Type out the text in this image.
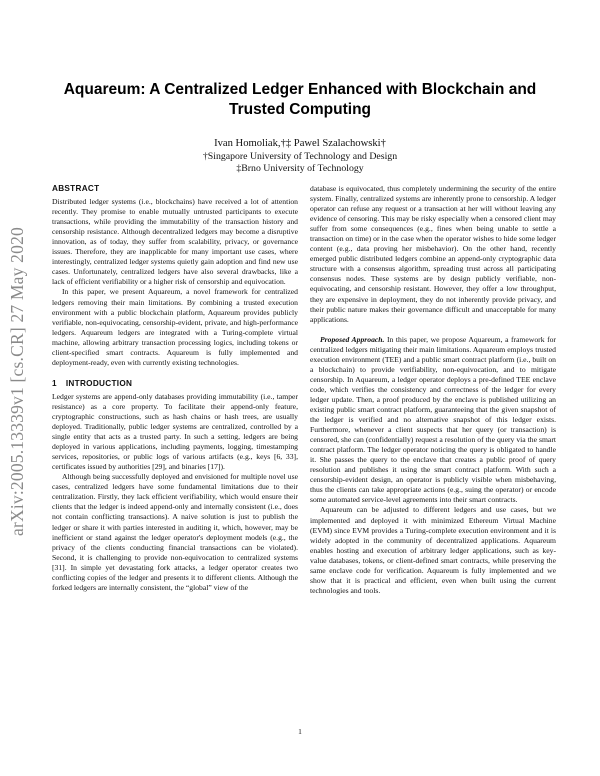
arXiv:2005.13339v1 [cs.CR] 27 May 2020
Aquareum: A Centralized Ledger Enhanced with Blockchain and Trusted Computing
Ivan Homoliak,†‡ Pawel Szalachowski†
†Singapore University of Technology and Design
‡Brno University of Technology
ABSTRACT

Distributed ledger systems (i.e., blockchains) have received a lot of attention recently. They promise to enable mutually untrusted participants to execute transactions, while providing the immutability of the transaction history and censorship resistance. Although decentralized ledgers may become a disruptive innovation, as of today, they suffer from scalability, privacy, or governance issues. Therefore, they are inapplicable for many important use cases, where interestingly, centralized ledger systems quietly gain adoption and find new use cases. Unfortunately, centralized ledgers have also several drawbacks, like a lack of efficient verifiability or a higher risk of censorship and equivocation.

In this paper, we present Aquareum, a novel framework for centralized ledgers removing their main limitations. By combining a trusted execution environment with a public blockchain platform, Aquareum provides publicly verifiable, non-equivocating, censorship-evident, private, and high-performance ledgers. Aquareum ledgers are integrated with a Turing-complete virtual machine, allowing arbitrary transaction processing logics, including tokens or client-specified smart contracts. Aquareum is fully implemented and deployment-ready, even with currently existing technologies.

1 INTRODUCTION

Ledger systems are append-only databases providing immutability (i.e., tamper resistance) as a core property. To facilitate their append-only feature, cryptographic constructions, such as hash chains or hash trees, are usually deployed. Traditionally, public ledger systems are centralized, controlled by a single entity that acts as a trusted party. In such a setting, ledgers are being deployed in various applications, including payments, logging, timestamping services, repositories, or public logs of various artifacts (e.g., keys [6, 33], certificates issued by authorities [29], and binaries [17]).

Although being successfully deployed and envisioned for multiple novel use cases, centralized ledgers have some fundamental limitations due to their centralization. Firstly, they lack efficient verifiability, which would ensure their clients that the ledger is indeed append-only and internally consistent (i.e., does not contain conflicting transactions). A naive solution is just to publish the ledger or share it with parties interested in auditing it, which, however, may be inefficient or stand against the ledger operator's deployment models (e.g., the privacy of the clients conducting financial transactions can be violated). Second, it is challenging to provide non-equivocation to centralized systems [31]. In simple yet devastating fork attacks, a ledger operator creates two conflicting copies of the ledger and presents it to different clients. Although the forked ledgers are internally consistent, the “global” view of the

database is equivocated, thus completely undermining the security of the entire system. Finally, centralized systems are inherently prone to censorship. A ledger operator can refuse any request or a transaction at her will without leaving any evidence of censoring. This may be risky especially when a censored client may suffer from some consequences (e.g., fines when being unable to settle a transaction on time) or in the case when the operator wishes to hide some ledger content (e.g., data proving her misbehavior). On the other hand, recently emerged public distributed ledgers combine an append-only cryptographic data structure with a consensus algorithm, spreading trust across all participating consensus nodes. These systems are by design publicly verifiable, non-equivocating, and censorship resistant. However, they offer a low throughput, they are expensive in deployment, they do not inherently provide privacy, and their public nature makes their governance difficult and unacceptable for many applications.

Proposed Approach. In this paper, we propose Aquareum, a framework for centralized ledgers mitigating their main limitations. Aquareum employs trusted execution environment (TEE) and a public smart contract platform (i.e., built on a blockchain) to provide verifiability, non-equivocation, and to mitigate censorship. In Aquareum, a ledger operator deploys a pre-defined TEE enclave code, which verifies the consistency and correctness of the ledger for every ledger update. Then, a proof produced by the enclave is published utilizing an existing public smart contract platform, guaranteeing that the given snapshot of the ledger is verified and no alternative snapshot of this ledger exists. Furthermore, whenever a client suspects that her query (or transaction) is censored, she can (confidentially) request a resolution of the query via the smart contract platform. The ledger operator noticing the query is obligated to handle it. She passes the query to the enclave that creates a public proof of query resolution and publishes it using the smart contract platform. With such a censorship-evident design, an operator is publicly visible when misbehaving, thus the clients can take appropriate actions (e.g., suing the operator) or encode some automated service-level agreements into their smart contracts.

Aquareum can be adjusted to different ledgers and use cases, but we implemented and deployed it with minimized Ethereum Virtual Machine (EVM) since EVM provides a Turing-complete execution environment and it is widely adopted in the community of decentralized applications. Aquareum enables hosting and execution of arbitrary ledger applications, such as key-value databases, tokens, or client-defined smart contracts, while preserving the same enclave code for verification. Aquareum is fully implemented and we show that it is practical and efficient, even when built using the current technologies and tools.

1
